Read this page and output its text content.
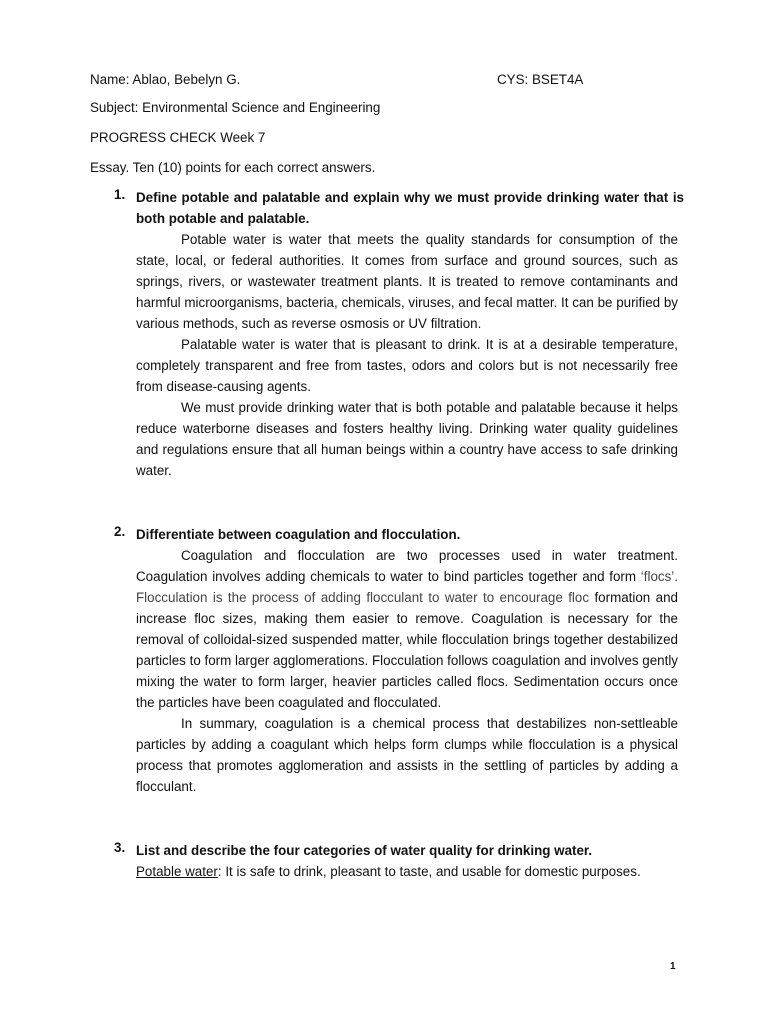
Name: Ablao, Bebelyn G.	CYS: BSET4A
Subject: Environmental Science and Engineering
PROGRESS CHECK Week 7
Essay. Ten (10) points for each correct answers.
1. Define potable and palatable and explain why we must provide drinking water that is both potable and palatable.

Potable water is water that meets the quality standards for consumption of the state, local, or federal authorities. It comes from surface and ground sources, such as springs, rivers, or wastewater treatment plants. It is treated to remove contaminants and harmful microorganisms, bacteria, chemicals, viruses, and fecal matter. It can be purified by various methods, such as reverse osmosis or UV filtration.

Palatable water is water that is pleasant to drink. It is at a desirable temperature, completely transparent and free from tastes, odors and colors but is not necessarily free from disease-causing agents.

We must provide drinking water that is both potable and palatable because it helps reduce waterborne diseases and fosters healthy living. Drinking water quality guidelines and regulations ensure that all human beings within a country have access to safe drinking water.

2. Differentiate between coagulation and flocculation.

Coagulation and flocculation are two processes used in water treatment. Coagulation involves adding chemicals to water to bind particles together and form ‘flocs’. Flocculation is the process of adding flocculant to water to encourage floc formation and increase floc sizes, making them easier to remove. Coagulation is necessary for the removal of colloidal-sized suspended matter, while flocculation brings together destabilized particles to form larger agglomerations. Flocculation follows coagulation and involves gently mixing the water to form larger, heavier particles called flocs. Sedimentation occurs once the particles have been coagulated and flocculated.

In summary, coagulation is a chemical process that destabilizes non-settleable particles by adding a coagulant which helps form clumps while flocculation is a physical process that promotes agglomeration and assists in the settling of particles by adding a flocculant.

3. List and describe the four categories of water quality for drinking water.

Potable water: It is safe to drink, pleasant to taste, and usable for domestic purposes.

1
